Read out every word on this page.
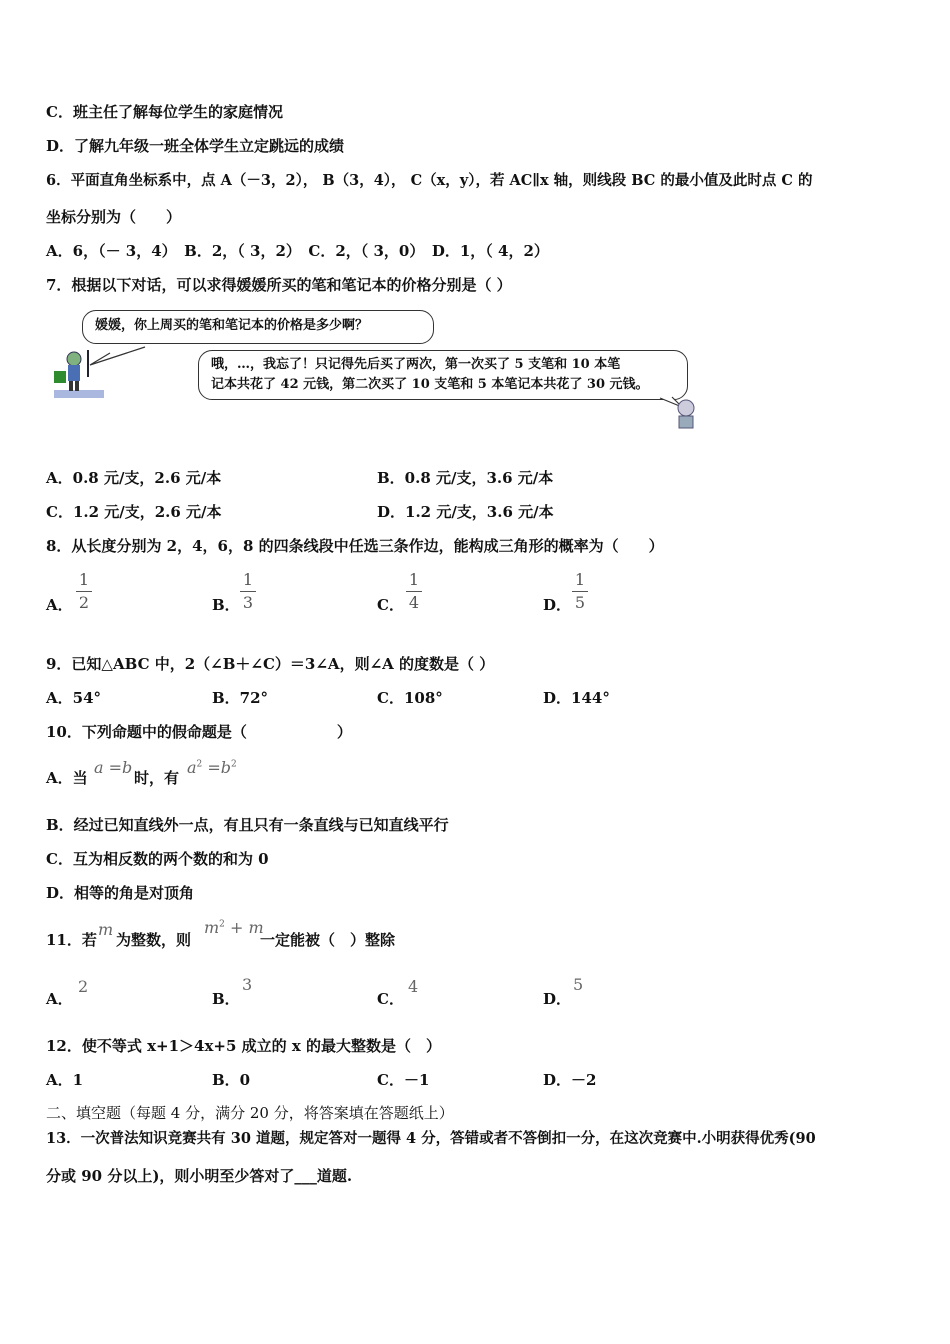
C．班主任了解每位学生的家庭情况
D．了解九年级一班全体学生立定跳远的成绩
6．平面直角坐标系中，点 A（－3，2）， B（3，4）， C（x，y），若 AC∥x 轴，则线段 BC 的最小值及此时点 C 的
坐标分别为（　　）
A．6，（－ 3，4）　B．2，（ 3，2）　C．2，（ 3，0）　D．1，（ 4，2）
7．根据以下对话，可以求得媛媛所买的笔和笔记本的价格分别是（ ）
媛媛，你上周买的笔和笔记本的价格是多少啊？
哦，…，我忘了！只记得先后买了两次，第一次买了 5 支笔和 10 本笔
记本共花了 42 元钱，第二次买了 10 支笔和 5 本笔记本共花了 30 元钱。
A．0.8 元/支，2.6 元/本	B．0.8 元/支，3.6 元/本
C．1.2 元/支，2.6 元/本	D．1.2 元/支，3.6 元/本
8．从长度分别为 2，4，6，8 的四条线段中任选三条作边，能构成三角形的概率为（　　）
A．
1
2	B．
1
3	C．
1
4	D．
1
5
9．已知△ABC 中，2（∠B＋∠C）＝3∠A，则∠A 的度数是（ ）
A．54°	B．72°	C．108°	D．144°
10．下列命题中的假命题是（　　　　　　）
A．当
a =b
时，有
$a^2 =b^2$
B．经过已知直线外一点，有且只有一条直线与已知直线平行
C．互为相反数的两个数的和为 0
D．相等的角是对顶角
11．若
m
为整数，则
$m^2 + m$
一定能被（　）整除
A．
2
B．
3
C．
4
D．
5
12．使不等式 x+1＞4x+5 成立的 x 的最大整数是（　）
A．1	B．0	C．－1	D．－2
二、填空题（每题 4 分，满分 20 分，将答案填在答题纸上）
13．一次普法知识竞赛共有 30 道题，规定答对一题得 4 分，答错或者不答倒扣一分，在这次竞赛中.小明获得优秀(90
分或 90 分以上)，则小明至少答对了___道题.
